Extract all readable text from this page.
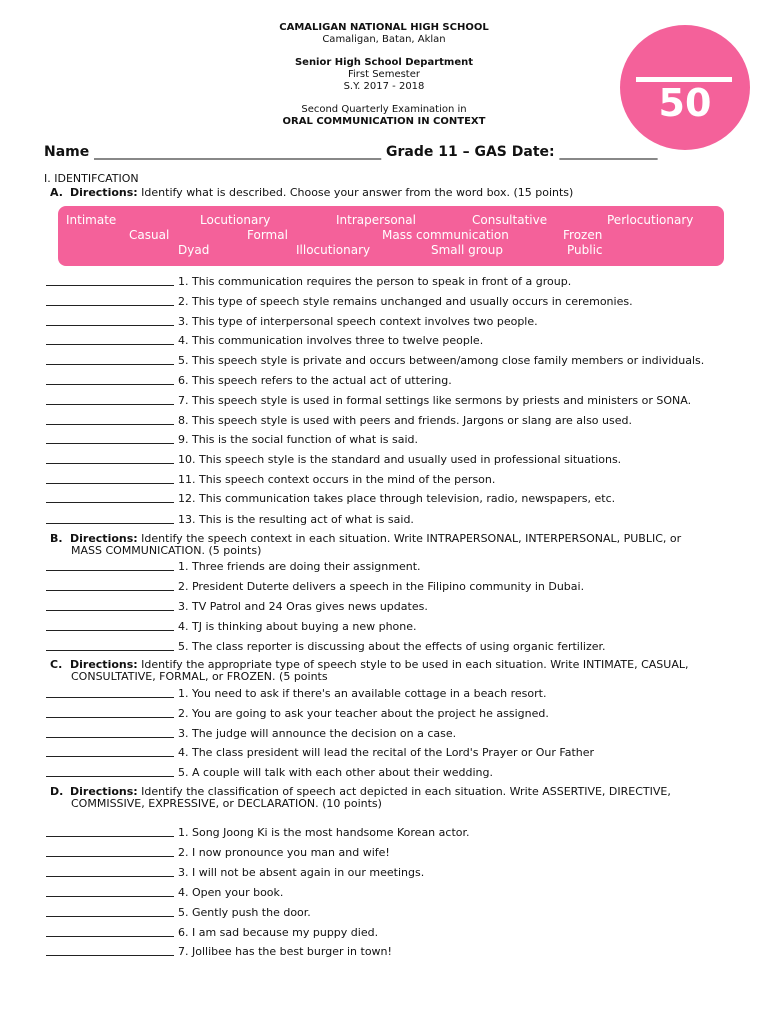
CAMALIGAN NATIONAL HIGH SCHOOL
Camaligan, Batan, Aklan
Senior High School Department
First Semester
S.Y. 2017 - 2018
Second Quarterly Examination in
ORAL COMMUNICATION IN CONTEXT	50
Name _________________________________________ Grade 11 – GAS Date: ______________
I. IDENTIFCATION
A. Directions: Identify what is described. Choose your answer from the word box. (15 points)
Intimate	Locutionary	Intrapersonal	Consultative	Perlocutionary
Casual	Formal	Mass communication	Frozen
Dyad	Illocutionary	Small group	Public
1. This communication requires the person to speak in front of a group.
2. This type of speech style remains unchanged and usually occurs in ceremonies.
3. This type of interpersonal speech context involves two people.
4. This communication involves three to twelve people.
5. This speech style is private and occurs between/among close family members or individuals.
6. This speech refers to the actual act of uttering.
7. This speech style is used in formal settings like sermons by priests and ministers or SONA.
8. This speech style is used with peers and friends. Jargons or slang are also used.
9. This is the social function of what is said.
10. This speech style is the standard and usually used in professional situations.
11. This speech context occurs in the mind of the person.
12. This communication takes place through television, radio, newspapers, etc.
13. This is the resulting act of what is said.
B. Directions: Identify the speech context in each situation. Write INTRAPERSONAL, INTERPERSONAL, PUBLIC, or
MASS COMMUNICATION. (5 points)
1. Three friends are doing their assignment.
2. President Duterte delivers a speech in the Filipino community in Dubai.
3. TV Patrol and 24 Oras gives news updates.
4. TJ is thinking about buying a new phone.
5. The class reporter is discussing about the effects of using organic fertilizer.
C. Directions: Identify the appropriate type of speech style to be used in each situation. Write INTIMATE, CASUAL,
CONSULTATIVE, FORMAL, or FROZEN. (5 points
1. You need to ask if there's an available cottage in a beach resort.
2. You are going to ask your teacher about the project he assigned.
3. The judge will announce the decision on a case.
4. The class president will lead the recital of the Lord's Prayer or Our Father
5. A couple will talk with each other about their wedding.
D. Directions: Identify the classification of speech act depicted in each situation. Write ASSERTIVE, DIRECTIVE,
COMMISSIVE, EXPRESSIVE, or DECLARATION. (10 points)
1. Song Joong Ki is the most handsome Korean actor.
2. I now pronounce you man and wife!
3. I will not be absent again in our meetings.
4. Open your book.
5. Gently push the door.
6. I am sad because my puppy died.
7. Jollibee has the best burger in town!
